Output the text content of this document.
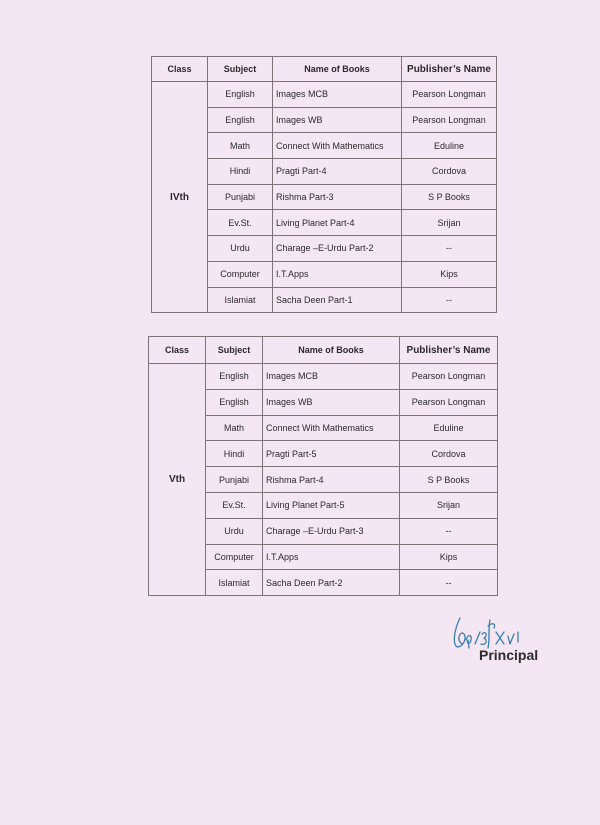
Class	Subject	Name of Books	Publisher’s Name
IVth	English	Images MCB	Pearson Longman
	English	Images WB	Pearson Longman
	Math	Connect With Mathematics	Eduline
	Hindi	Pragti Part-4	Cordova
	Punjabi	Rishma Part-3	S P Books
	Ev.St.	Living Planet Part-4	Srijan
	Urdu	Charage –E-Urdu Part-2	--
	Computer	I.T.Apps	Kips
	Islamiat	Sacha Deen Part-1	--
Class	Subject	Name of Books	Publisher’s Name
Vth	English	Images MCB	Pearson Longman
	English	Images WB	Pearson Longman
	Math	Connect With Mathematics	Eduline
	Hindi	Pragti Part-5	Cordova
	Punjabi	Rishma Part-4	S P Books
	Ev.St.	Living Planet Part-5	Srijan
	Urdu	Charage –E-Urdu Part-3	--
	Computer	I.T.Apps	Kips
	Islamiat	Sacha Deen Part-2	--
Principal
